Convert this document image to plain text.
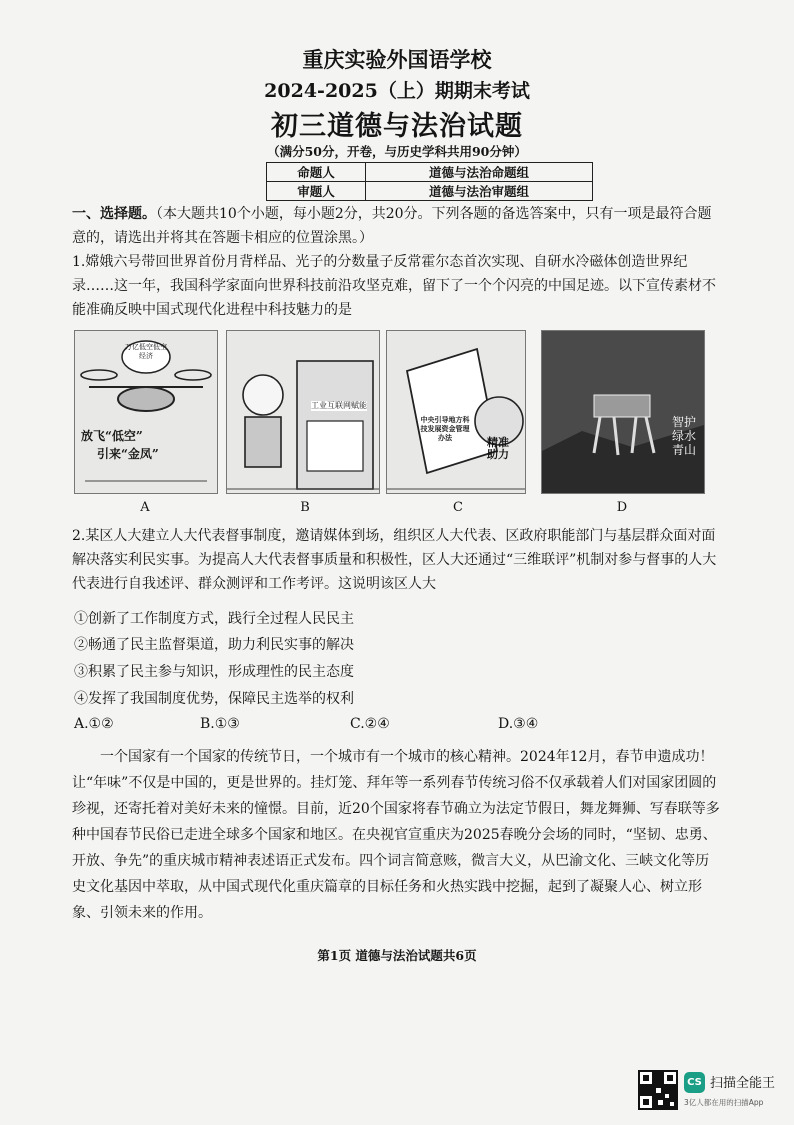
重庆实验外国语学校
2024-2025（上）期期末考试
初三道德与法治试题
（满分50分，开卷，与历史学科共用90分钟）
命题人	道德与法治命题组
审题人	道德与法治审题组
一、选择题。（本大题共10个小题，每小题2分，共20分。下列各题的备选答案中，只有一项是最符合题意的，请选出并将其在答题卡相应的位置涂黑。）
1.嫦娥六号带回世界首份月背样品、光子的分数量子反常霍尔态首次实现、自研水冷磁体创造世界纪录……这一年，我国科学家面向世界科技前沿攻坚克难，留下了一个个闪亮的中国足迹。以下宣传素材不能准确反映中国式现代化进程中科技魅力的是
万亿低空低空经济
放飞“低空”
引来“金凤”
工业互联网赋能
中央引导地方科技发展资金管理办法	精准助力
智护绿水青山
A	B	C	D
2.某区人大建立人大代表督事制度，邀请媒体到场，组织区人大代表、区政府职能部门与基层群众面对面解决落实利民实事。为提高人大代表督事质量和积极性，区人大还通过“三维联评”机制对参与督事的人大代表进行自我述评、群众测评和工作考评。这说明该区人大
①创新了工作制度方式，践行全过程人民民主
②畅通了民主监督渠道，助力利民实事的解决
③积累了民主参与知识，形成理性的民主态度
④发挥了我国制度优势，保障民主选举的权利
A.①②	B.①③	C.②④	D.③④
一个国家有一个国家的传统节日，一个城市有一个城市的核心精神。2024年12月，春节申遗成功！让“年味”不仅是中国的，更是世界的。挂灯笼、拜年等一系列春节传统习俗不仅承载着人们对国家团圆的珍视，还寄托着对美好未来的憧憬。目前，近20个国家将春节确立为法定节假日，舞龙舞狮、写春联等多种中国春节民俗已走进全球多个国家和地区。在央视官宣重庆为2025春晚分会场的同时，“坚韧、忠勇、开放、争先”的重庆城市精神表述语正式发布。四个词言简意赅，微言大义，从巴渝文化、三峡文化等历史文化基因中萃取，从中国式现代化重庆篇章的目标任务和火热实践中挖掘，起到了凝聚人心、树立形象、引领未来的作用。
第1页 道德与法治试题共6页
CS 扫描全能王
3亿人都在用的扫描App
